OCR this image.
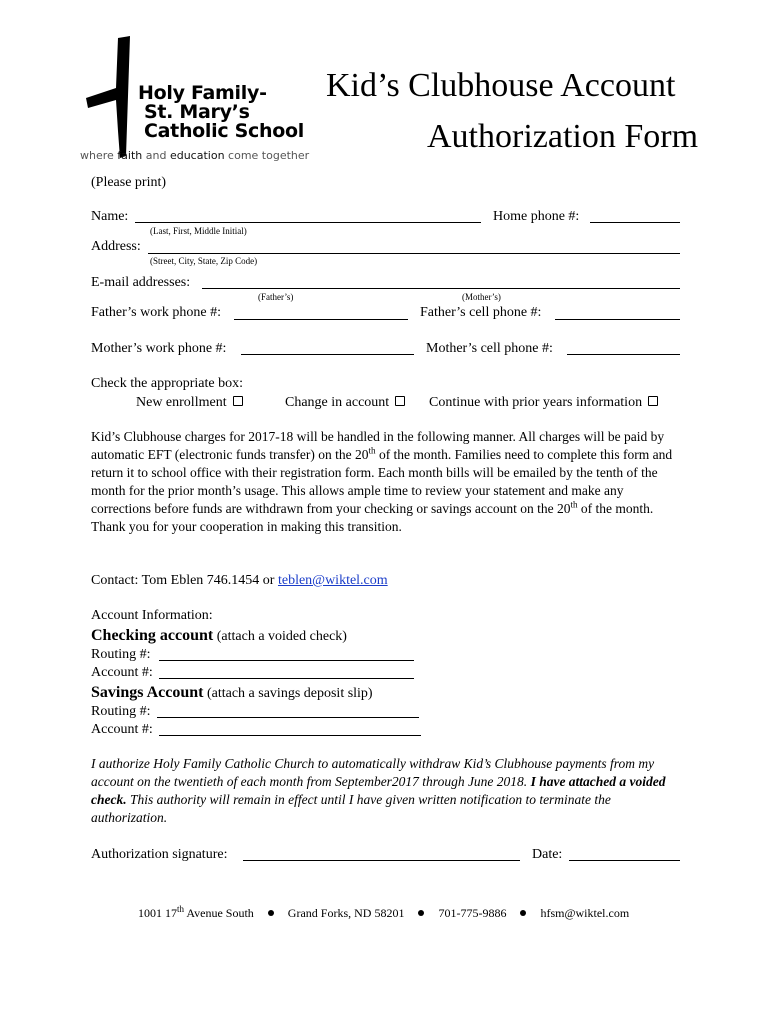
Holy Family-
St. Mary’s
Catholic School
where faith and education come together
Kid’s Clubhouse Account
Authorization Form
(Please print)
Name:
(Last, First, Middle Initial)
Home phone #:
Address:
(Street, City, State, Zip Code)
E-mail addresses:
(Father’s)	(Mother’s)
Father’s work phone #:	Father’s cell phone #:
Mother’s work phone #:	Mother’s cell phone #:
Check the appropriate box:
New enrollment	Change in account	Continue with prior years information
Kid’s Clubhouse charges for 2017-18 will be handled in the following manner. All charges will be paid by automatic EFT (electronic funds transfer) on the 20th of the month. Families need to complete this form and return it to school office with their registration form. Each month bills will be emailed by the tenth of the month for the prior month’s usage. This allows ample time to review your statement and make any corrections before funds are withdrawn from your checking or savings account on the 20th of the month. Thank you for your cooperation in making this transition.
Contact: Tom Eblen 746.1454 or teblen@wiktel.com
Account Information:
Checking account (attach a voided check)
Routing #:
Account #:
Savings Account (attach a savings deposit slip)
Routing #:
Account #:
I authorize Holy Family Catholic Church to automatically withdraw Kid’s Clubhouse payments from my account on the twentieth of each month from September2017 through June 2018. I have attached a voided check. This authority will remain in effect until I have given written notification to terminate the authorization.
Authorization signature:	Date:
1001 17th Avenue South	Grand Forks, ND 58201	701-775-9886	hfsm@wiktel.com
